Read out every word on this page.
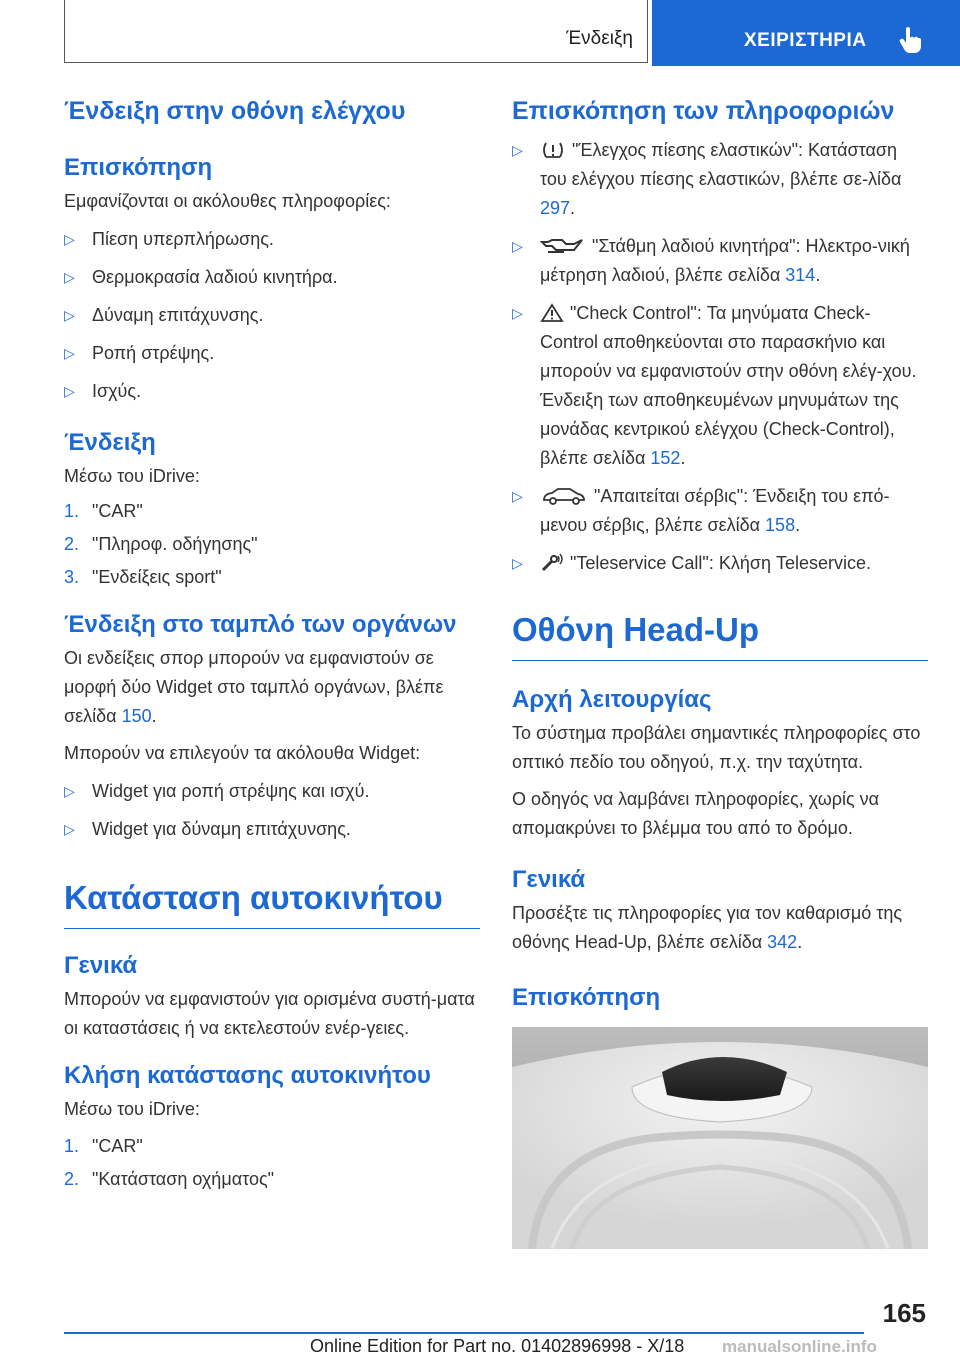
Ένδειξη	ΧΕΙΡΙΣΤΗΡΙΑ
Ένδειξη στην οθόνη ελέγχου
Επισκόπηση

Εμφανίζονται οι ακόλουθες πληροφορίες:

▷ Πίεση υπερπλήρωσης.
▷ Θερμοκρασία λαδιού κινητήρα.
▷ Δύναμη επιτάχυνσης.
▷ Ροπή στρέψης.
▷ Ισχύς.
Ένδειξη

Μέσω του iDrive:

1. "CAR"
2. "Πληροφ. οδήγησης"
3. "Ενδείξεις sport"
Ένδειξη στο ταμπλό των οργάνων

Οι ενδείξεις σπορ μπορούν να εμφανιστούν σε μορφή δύο Widget στο ταμπλό οργάνων, βλέπε σελίδα 150.

Μπορούν να επιλεγούν τα ακόλουθα Widget:

▷ Widget για ροπή στρέψης και ισχύ.
▷ Widget για δύναμη επιτάχυνσης.
Κατάσταση αυτοκινήτου
Γενικά

Μπορούν να εμφανιστούν για ορισμένα συστή-ματα οι καταστάσεις ή να εκτελεστούν ενέρ-γειες.

Κλήση κατάστασης αυτοκινήτου

Μέσω του iDrive:

1. "CAR"
2. "Κατάσταση οχήματος"
Επισκόπηση των πληροφοριών
▷ "Έλεγχος πίεσης ελαστικών": Κατάσταση του ελέγχου πίεσης ελαστικών, βλέπε σε-λίδα 297.
▷ "Στάθμη λαδιού κινητήρα": Ηλεκτρο-νική μέτρηση λαδιού, βλέπε σελίδα 314.
▷ "Check Control": Τα μηνύματα Check-Control αποθηκεύονται στο παρασκήνιο και μπορούν να εμφανιστούν στην οθόνη ελέγ-χου. Ένδειξη των αποθηκευμένων μηνυμάτων της μονάδας κεντρικού ελέγχου (Check-Control), βλέπε σελίδα 152.
▷ "Απαιτείται σέρβις": Ένδειξη του επό-μενου σέρβις, βλέπε σελίδα 158.
▷ "Teleservice Call": Κλήση Teleservice.
Οθόνη Head-Up
Αρχή λειτουργίας

Το σύστημα προβάλει σημαντικές πληροφορίες στο οπτικό πεδίο του οδηγού, π.χ. την ταχύτητα.

Ο οδηγός να λαμβάνει πληροφορίες, χωρίς να απομακρύνει το βλέμμα του από το δρόμο.

Γενικά

Προσέξτε τις πληροφορίες για τον καθαρισμό της οθόνης Head-Up, βλέπε σελίδα 342.

Επισκόπηση
165
Online Edition for Part no. 01402896998 - X/18 manualsonline.info
